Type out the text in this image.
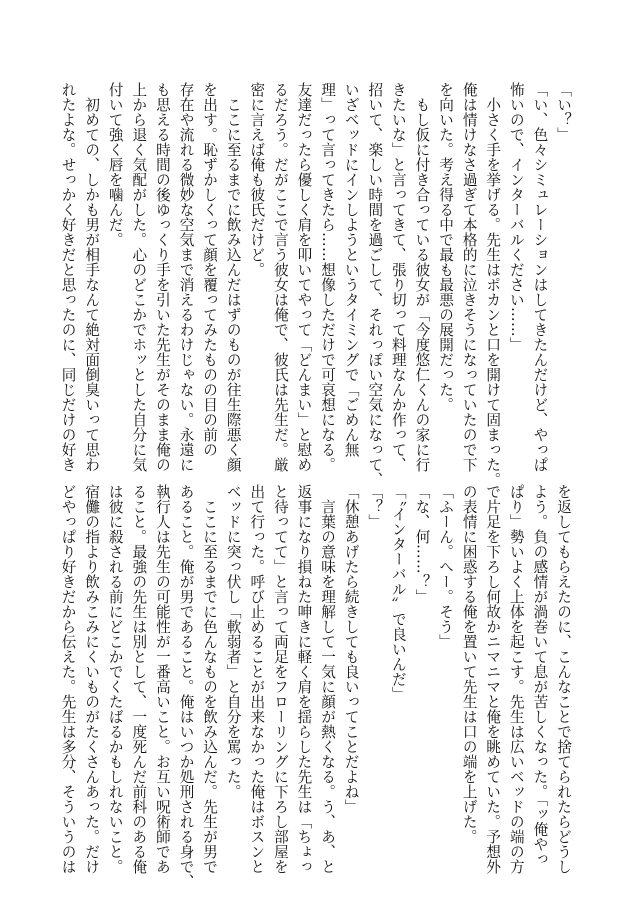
「い？」

「い、色々シミュレーションはしてきたんだけど、やっぱ

怖いので、インターバルください……」

　小さく手を挙げる。先生はポカンと口を開けて固まった。

俺は情けなさ過ぎて本格的に泣きそうになっていたので下

を向いた。考え得る中で最も最悪の展開だった。

　もし仮に付き合っている彼女が「今度悠仁くんの家に行

きたいな」と言ってきて、張り切って料理なんか作って、

招いて、楽しい時間を過ごして、それっぽい空気になって、

いざベッドにインしようというタイミングで「ごめん無

理」って言ってきたら……想像しただけで可哀想になる。

友達だったら優しく肩を叩いてやって「どんまい」と慰め

るだろう。だがここで言う彼女は俺で、彼氏は先生だ。厳

密に言えば俺も彼氏だけど。

　ここに至るまでに飲み込んだはずのものが往生際悪く顔

を出す。恥ずかしくって顔を覆ってみたものの目の前の

存在や流れる微妙な空気まで消えるわけじゃない。永遠に

も思える時間の後ゆっくり手を引いた先生がそのまま俺の

上から退く気配がした。心のどこかでホッとした自分に気

付いて強く唇を噛んだ。

　初めての、しかも男が相手なんて絶対面倒臭いって思わ

れたよな。せっかく好きだと思ったのに、同じだけの好き

を返してもらえたのに、こんなことで捨てられたらどうし

よう。負の感情が渦巻いて息が苦しくなった。「ッ俺やっ

ぱり」勢いよく上体を起こす。先生は広いベッドの端の方

で片足を下ろし何故かニマニマと俺を眺めていた。予想外

の表情に困惑する俺を置いて先生は口の端を上げた。

「ふーん。へー。そう」

「な、何……？」

「〝インターバル〟で良いんだ」

「？」

「休憩あげたら続きしても良いってことだよね」

　言葉の意味を理解して一気に顔が熱くなる。う、あ、と

返事になり損ねた呻きに軽く肩を揺らした先生は「ちょっ

と待ってて」と言って両足をフローリングに下ろし部屋を

出て行った。呼び止めることが出来なかった俺はボスンと

ベッドに突っ伏し「軟弱者」と自分を罵った。

　ここに至るまでに色んなものを飲み込んだ。先生が男で

あること。俺が男であること。俺はいつか処刑される身で、

執行人は先生の可能性が一番高いこと。お互い呪術師であ

ること。最強の先生は別として、一度死んだ前科のある俺

は彼に殺される前にどこかでくたばるかもしれないこと。

宿儺の指より飲みこみにくいものがたくさんあった。だけ

どやっぱり好きだから伝えた。先生は多分、そういうのは
